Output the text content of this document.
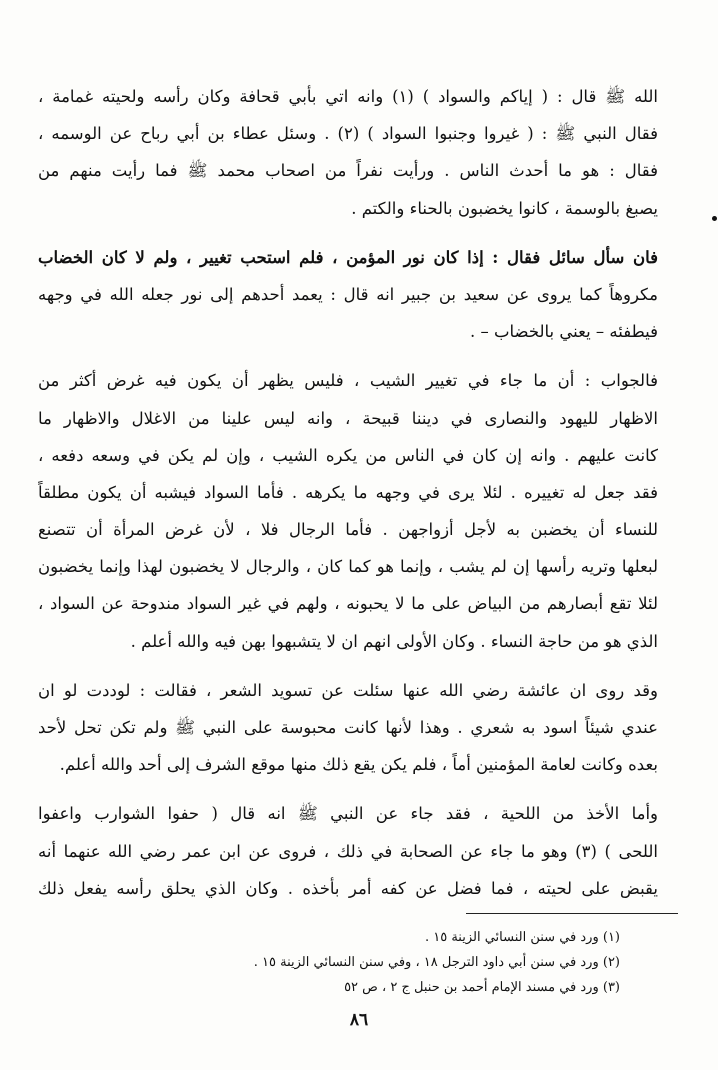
الله ﷺ قال : ( إياكم والسواد ) (١) وانه اتي بأبي قحافة وكان رأسه ولحيته غمامة ،
فقال النبي ﷺ : ( غيروا وجنبوا السواد ) (٢) . وسئل عطاء بن أبي رباح عن الوسمه ،
فقال : هو ما أحدث الناس . ورأيت نفراً من اصحاب محمد ﷺ فما رأيت منهم من
يصبغ بالوسمة ، كانوا يخضبون بالحناء والكتم .
فان سأل سائل فقال : إذا كان نور المؤمن ، فلم استحب تغيير ، ولم لا كان الخضاب
مكروهاً كما يروى عن سعيد بن جبير انه قال : يعمد أحدهم إلى نور جعله الله في وجهه
فيطفئه – يعني بالخضاب – .
فالجواب : أن ما جاء في تغيير الشيب ، فليس يظهر أن يكون فيه غرض أكثر من
الاظهار لليهود والنصارى في ديننا قبيحة ، وانه ليس علينا من الاغلال والاظهار ما
كانت عليهم . وانه إن كان في الناس من يكره الشيب ، وإن لم يكن في وسعه دفعه ،
فقد جعل له تغييره . لئلا يرى في وجهه ما يكرهه . فأما السواد فيشبه أن يكون مطلقاً
للنساء أن يخضبن به لأجل أزواجهن . فأما الرجال فلا ، لأن غرض المرأة أن تتصنع
لبعلها وتريه رأسها إن لم يشب ، وإنما هو كما كان ، والرجال لا يخضبون لهذا وإنما يخضبون
لئلا تقع أبصارهم من البياض على ما لا يحبونه ، ولهم في غير السواد مندوحة عن السواد ،
الذي هو من حاجة النساء . وكان الأولى انهم ان لا يتشبهوا بهن فيه والله أعلم .
وقد روى ان عائشة رضي الله عنها سئلت عن تسويد الشعر ، فقالت : لوددت لو ان
عندي شيئاً اسود به شعري . وهذا لأنها كانت محبوسة على النبي ﷺ ولم تكن تحل لأحد
بعده وكانت لعامة المؤمنين أماً ، فلم يكن يقع ذلك منها موقع الشرف إلى أحد والله أعلم.
وأما الأخذ من اللحية ، فقد جاء عن النبي ﷺ انه قال ( حفوا الشوارب واعفوا
اللحى ) (٣) وهو ما جاء عن الصحابة في ذلك ، فروى عن ابن عمر رضي الله عنهما أنه
يقبض على لحيته ، فما فضل عن كفه أمر بأخذه . وكان الذي يحلق رأسه يفعل ذلك
(١) ورد في سنن النسائي الزينة ١٥ .
(٢) ورد في سنن أبي داود الترجل ١٨ ، وفي سنن النسائي الزينة ١٥ .
(٣) ورد في مسند الإمام أحمد بن حنبل ج ٢ ، ص ٥٢
٨٦
